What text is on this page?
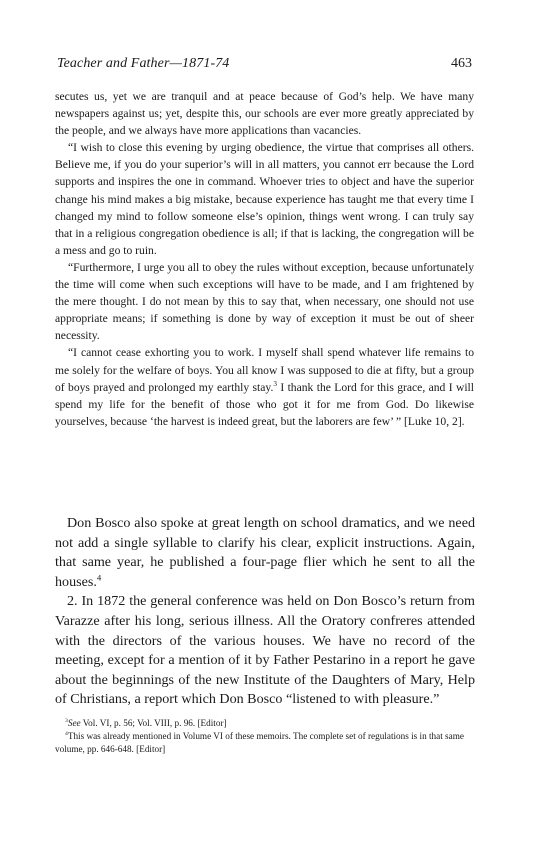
Teacher and Father—1871-74	463

secutes us, yet we are tranquil and at peace because of God’s help. We have many newspapers against us; yet, despite this, our schools are ever more greatly appreciated by the people, and we always have more applications than vacancies.

“I wish to close this evening by urging obedience, the virtue that comprises all others. Believe me, if you do your superior’s will in all matters, you cannot err because the Lord supports and inspires the one in command. Whoever tries to object and have the superior change his mind makes a big mistake, because experience has taught me that every time I changed my mind to follow someone else’s opinion, things went wrong. I can truly say that in a religious congregation obedience is all; if that is lacking, the congregation will be a mess and go to ruin.

“Furthermore, I urge you all to obey the rules without exception, because unfortunately the time will come when such exceptions will have to be made, and I am frightened by the mere thought. I do not mean by this to say that, when necessary, one should not use appropriate means; if something is done by way of exception it must be out of sheer necessity.

“I cannot cease exhorting you to work. I myself shall spend whatever life remains to me solely for the welfare of boys. You all know I was supposed to die at fifty, but a group of boys prayed and prolonged my earthly stay.$^3$ I thank the Lord for this grace, and I will spend my life for the benefit of those who got it for me from God. Do likewise yourselves, because ‘the harvest is indeed great, but the laborers are few’ ” [Luke 10, 2].

Don Bosco also spoke at great length on school dramatics, and we need not add a single syllable to clarify his clear, explicit instructions. Again, that same year, he published a four-page flier which he sent to all the houses.$^4$

2. In 1872 the general conference was held on Don Bosco’s return from Varazze after his long, serious illness. All the Oratory confreres attended with the directors of the various houses. We have no record of the meeting, except for a mention of it by Father Pestarino in a report he gave about the beginnings of the new Institute of the Daughters of Mary, Help of Christians, a report which Don Bosco “listened to with pleasure.”

$^3$See Vol. VI, p. 56; Vol. VIII, p. 96. [Editor]

$^4$This was already mentioned in Volume VI of these memoirs. The complete set of regulations is in that same volume, pp. 646-648. [Editor]
